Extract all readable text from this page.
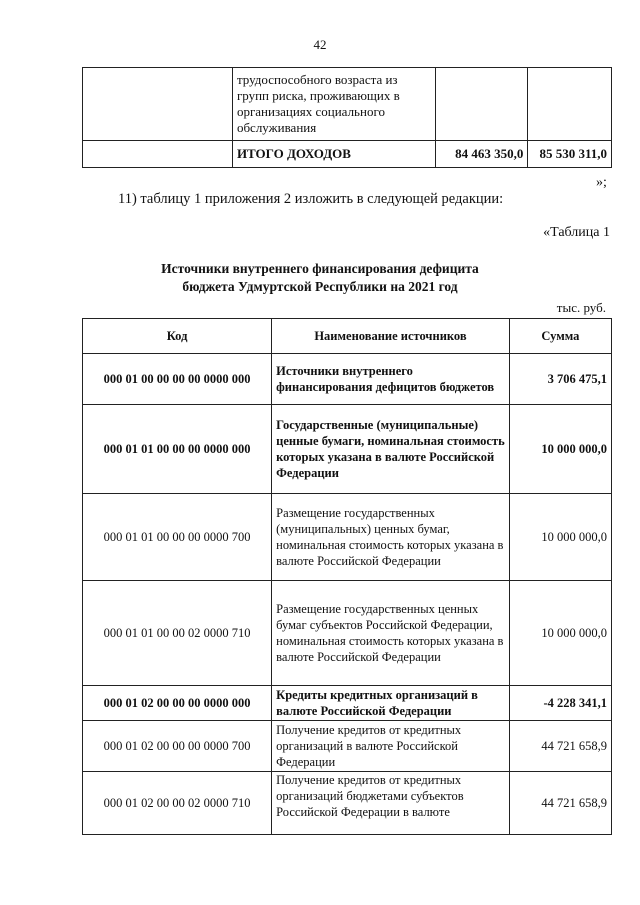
42
	трудоспособного возраста из групп риска, проживающих в организациях социального обслуживания		
	ИТОГО ДОХОДОВ	84 463 350,0	85 530 311,0
»;
11) таблицу 1 приложения 2 изложить в следующей редакции:
«Таблица 1
Источники внутреннего финансирования дефицита
бюджета Удмуртской Республики на 2021 год
тыс. руб.
Код	Наименование источников	Сумма
000 01 00 00 00 00 0000 000	Источники внутреннего финансирования дефицитов бюджетов	3 706 475,1
000 01 01 00 00 00 0000 000	Государственные (муниципальные) ценные бумаги, номинальная стоимость которых указана в валюте Российской Федерации	10 000 000,0
000 01 01 00 00 00 0000 700	Размещение государственных (муниципальных) ценных бумаг, номинальная стоимость которых указана в валюте Российской Федерации	10 000 000,0
000 01 01 00 00 02 0000 710	Размещение государственных ценных бумаг субъектов Российской Федерации, номинальная стоимость которых указана в валюте Российской Федерации	10 000 000,0
000 01 02 00 00 00 0000 000	Кредиты кредитных организаций в валюте Российской Федерации	-4 228 341,1
000 01 02 00 00 00 0000 700	Получение кредитов от кредитных организаций в валюте Российской Федерации	44 721 658,9
000 01 02 00 00 02 0000 710	Получение кредитов от кредитных организаций бюджетами субъектов Российской Федерации в валюте	44 721 658,9
